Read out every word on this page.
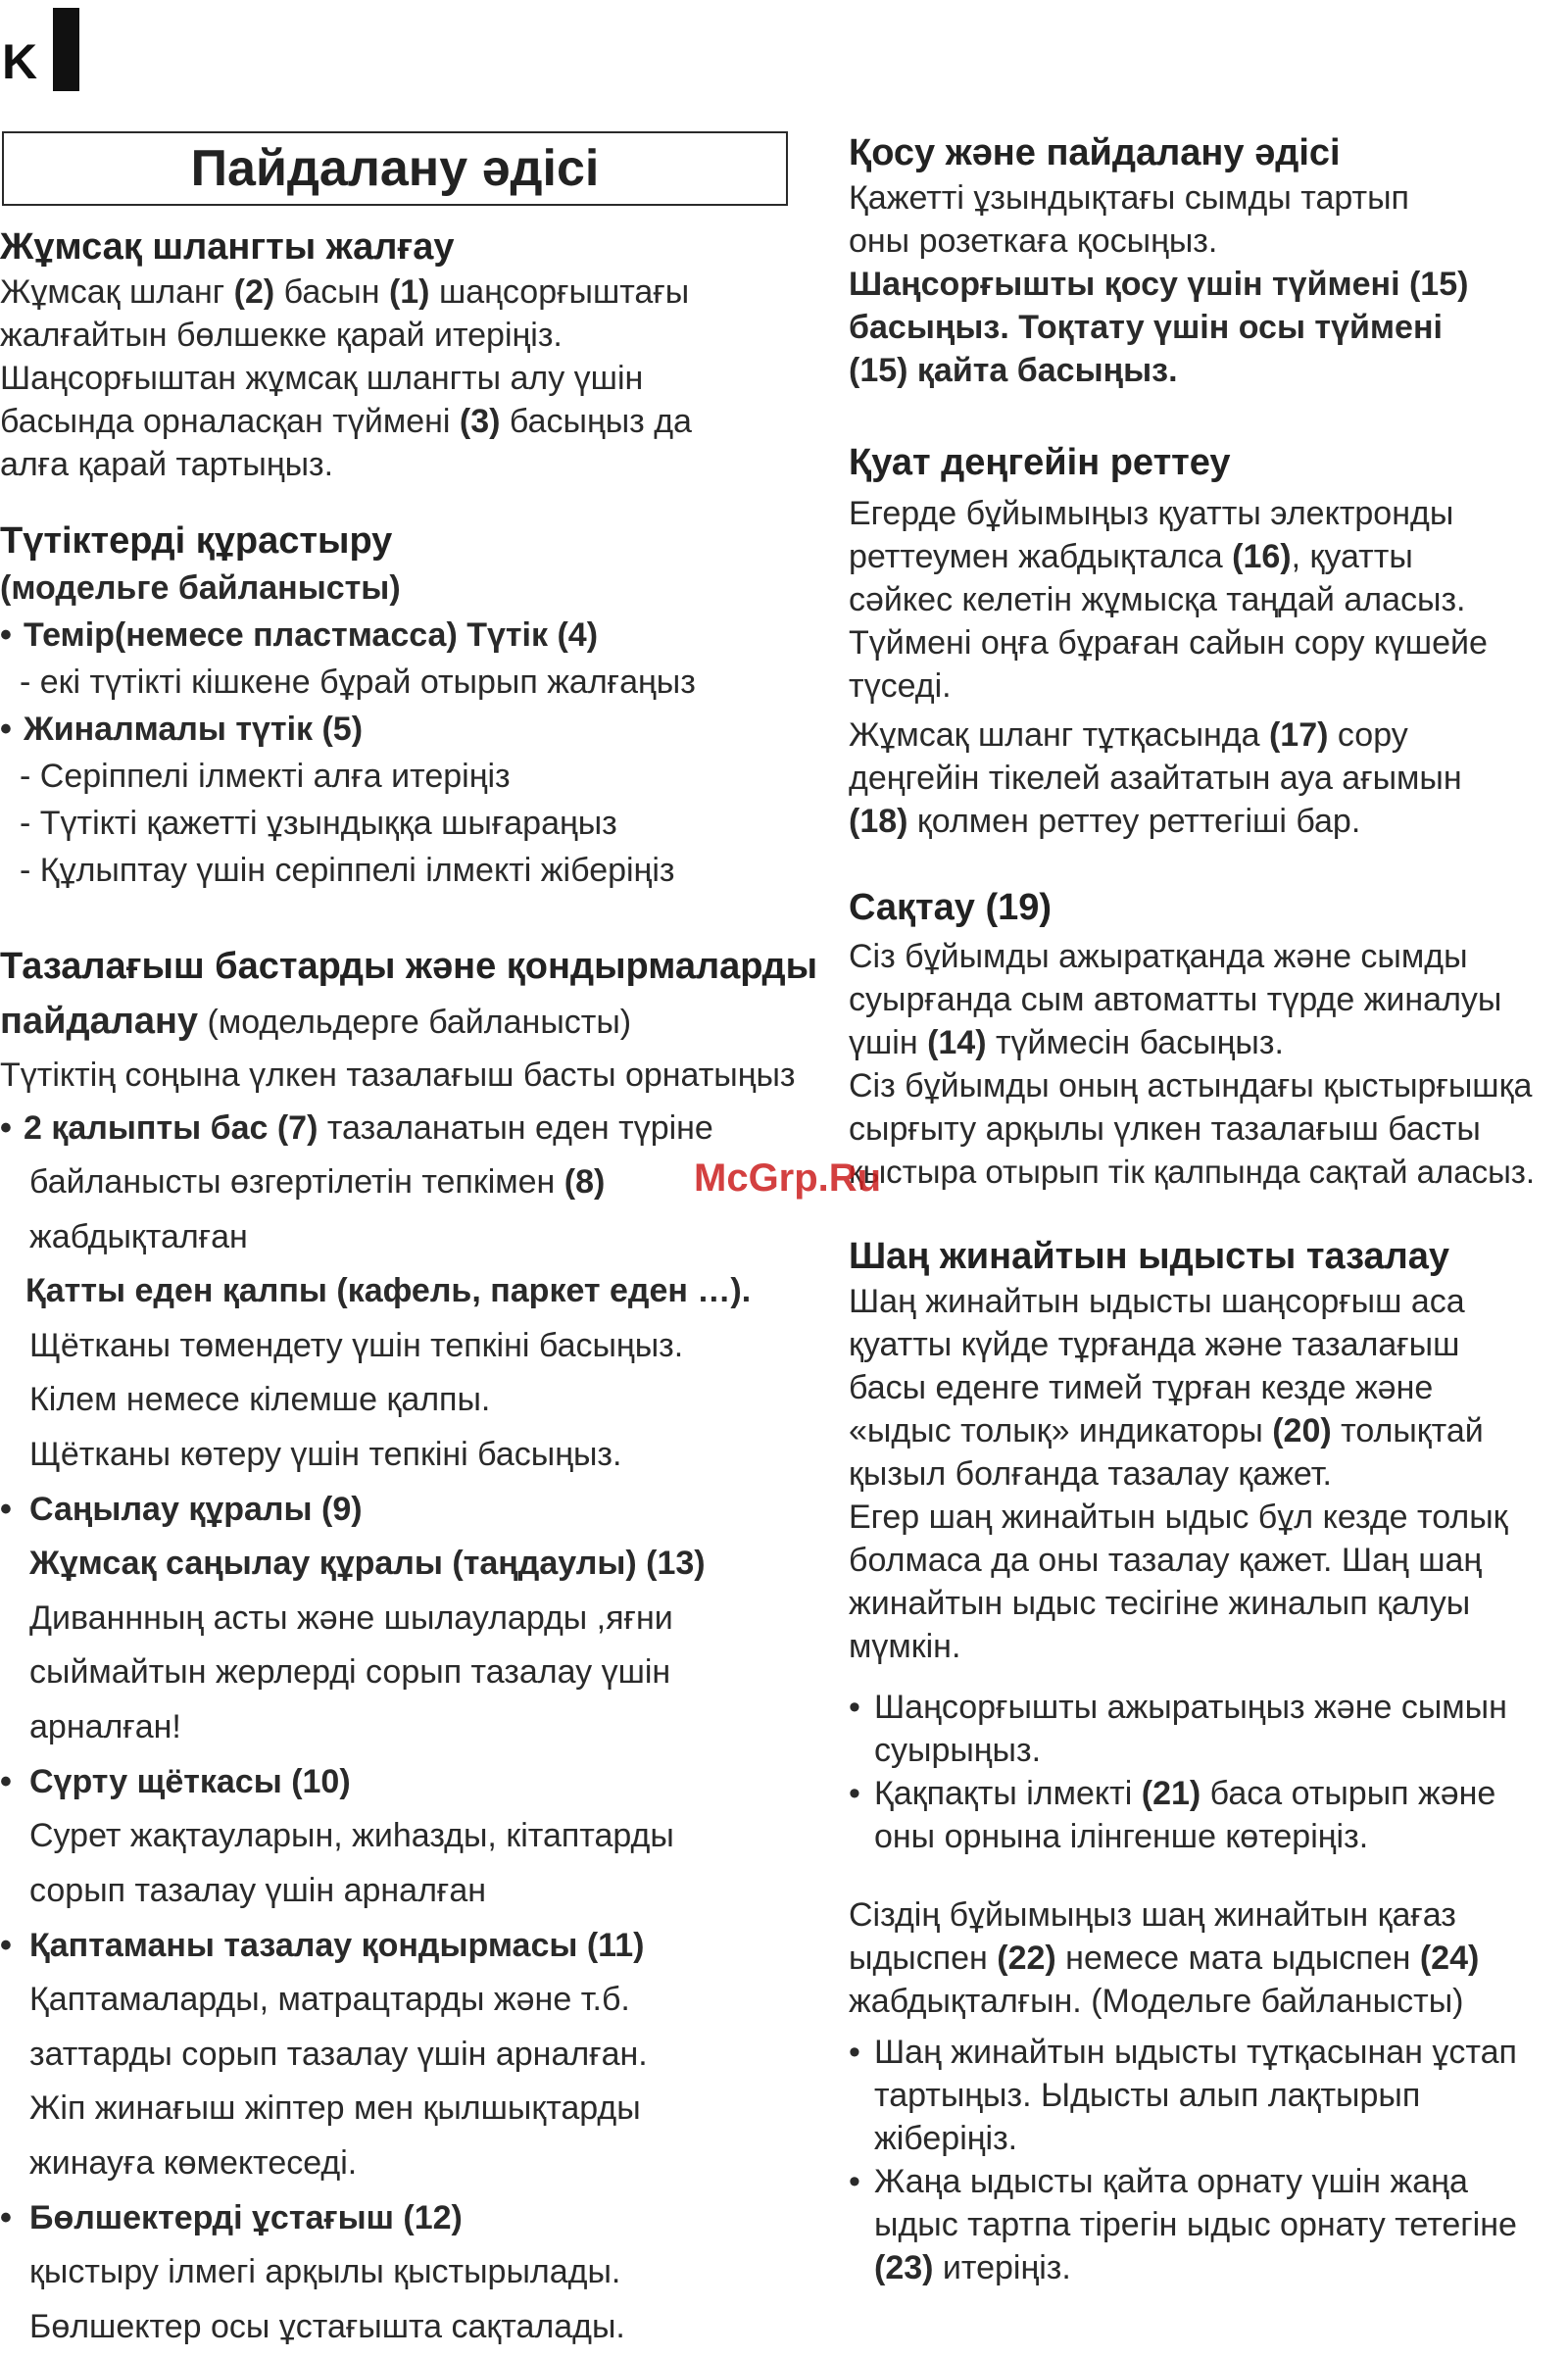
K
Пайдалану әдісі

Жұмсақ шлангты жалғау

Жұмсақ шланг (2) басын (1) шаңсорғыштағы

жалғайтын бөлшекке қарай итеріңіз.

Шаңсорғыштан жұмсақ шлангты алу үшін

басында орналасқан түймені (3) басыңыз да

алға қарай тартыңыз.

Түтіктерді құрастыру

(модельге байланысты)

• Темір(немесе пластмасса) Түтік (4)

- екі түтікті кішкене бұрай отырып жалғаңыз

• Жиналмалы түтік (5)

- Серіппелі ілмекті алға итеріңіз

- Түтікті қажетті ұзындыққа шығараңыз

- Құлыптау үшін серіппелі ілмекті жіберіңіз

Тазалағыш бастарды және қондырмаларды

пайдалану (модельдерге байланысты)

Түтіктің соңына үлкен тазалағыш басты орнатыңыз

• 2 қалыпты бас (7) тазаланатын еден түріне

байланысты өзгертілетін тепкімен (8)

жабдықталған

Қатты еден қалпы (кафель, паркет еден …).

Щётканы төмендету үшін тепкіні басыңыз.

Кілем немесе кілемше қалпы.

Щётканы көтеру үшін тепкіні басыңыз.

• Саңылау құралы (9)

Жұмсақ саңылау құралы (таңдаулы) (13)

Диваннның асты және шылауларды ,яғни

сыймайтын жерлерді сорып тазалау үшін

арналған!

• Сүрту щёткасы (10)

Сурет жақтауларын, жиһазды, кітаптарды

сорып тазалау үшін арналған

• Қаптаманы тазалау қондырмасы (11)

Қаптамаларды, матрацтарды және т.б.

заттарды сорып тазалау үшін арналған.

Жіп жинағыш жіптер мен қылшықтарды

жинауға көмектеседі.

• Бөлшектерді ұстағыш (12)

қыстыру ілмегі арқылы қыстырылады.

Бөлшектер осы ұстағышта сақталады.

Қосу және пайдалану әдісі

Қажетті ұзындықтағы сымды тартып

оны розеткаға қосыңыз.

Шаңсорғышты қосу үшін түймені (15)

басыңыз. Тоқтату үшін осы түймені

(15) қайта басыңыз.

Қуат деңгейін реттеу

Егерде бұйымыңыз қуатты электронды

реттеумен жабдықталса (16), қуатты

сәйкес келетін жұмысқа таңдай аласыз.

Түймені оңға бұраған сайын сору күшейе

түседі.

Жұмсақ шланг тұтқасында (17) сору

деңгейін тікелей азайтатын ауа ағымын

(18) қолмен реттеу реттегіші бар.

Сақтау (19)

Сіз бұйымды ажыратқанда және сымды

суырғанда сым автоматты түрде жиналуы

үшін (14) түймесін басыңыз.

Сіз бұйымды оның астындағы қыстырғышқа

сырғыту арқылы үлкен тазалағыш басты

қыстыра отырып тік қалпында сақтай аласыз.

Шаң жинайтын ыдысты тазалау

Шаң жинайтын ыдысты шаңсорғыш аса

қуатты күйде тұрғанда және тазалағыш

басы еденге тимей тұрған кезде және

«ыдыс толық» индикаторы (20) толықтай

қызыл болғанда тазалау қажет.

Егер шаң жинайтын ыдыс бұл кезде толық

болмаса да оны тазалау қажет. Шаң шаң

жинайтын ыдыс тесігіне жиналып қалуы

мүмкін.

• Шаңсорғышты ажыратыңыз және сымын

суырыңыз.

• Қақпақты ілмекті (21) баса отырып және

оны орнына ілінгенше көтеріңіз.

Сіздің бұйымыңыз шаң жинайтын қағаз

ыдыспен (22) немесе мата ыдыспен (24)

жабдықталғын. (Модельге байланысты)

• Шаң жинайтын ыдысты тұтқасынан ұстап

тартыңыз. Ыдысты алып лақтырып

жіберіңіз.

• Жаңа ыдысты қайта орнату үшін жаңа

ыдыс тартпа тірегін ыдыс орнату тетегіне

(23) итеріңіз.

McGrp.Ru
